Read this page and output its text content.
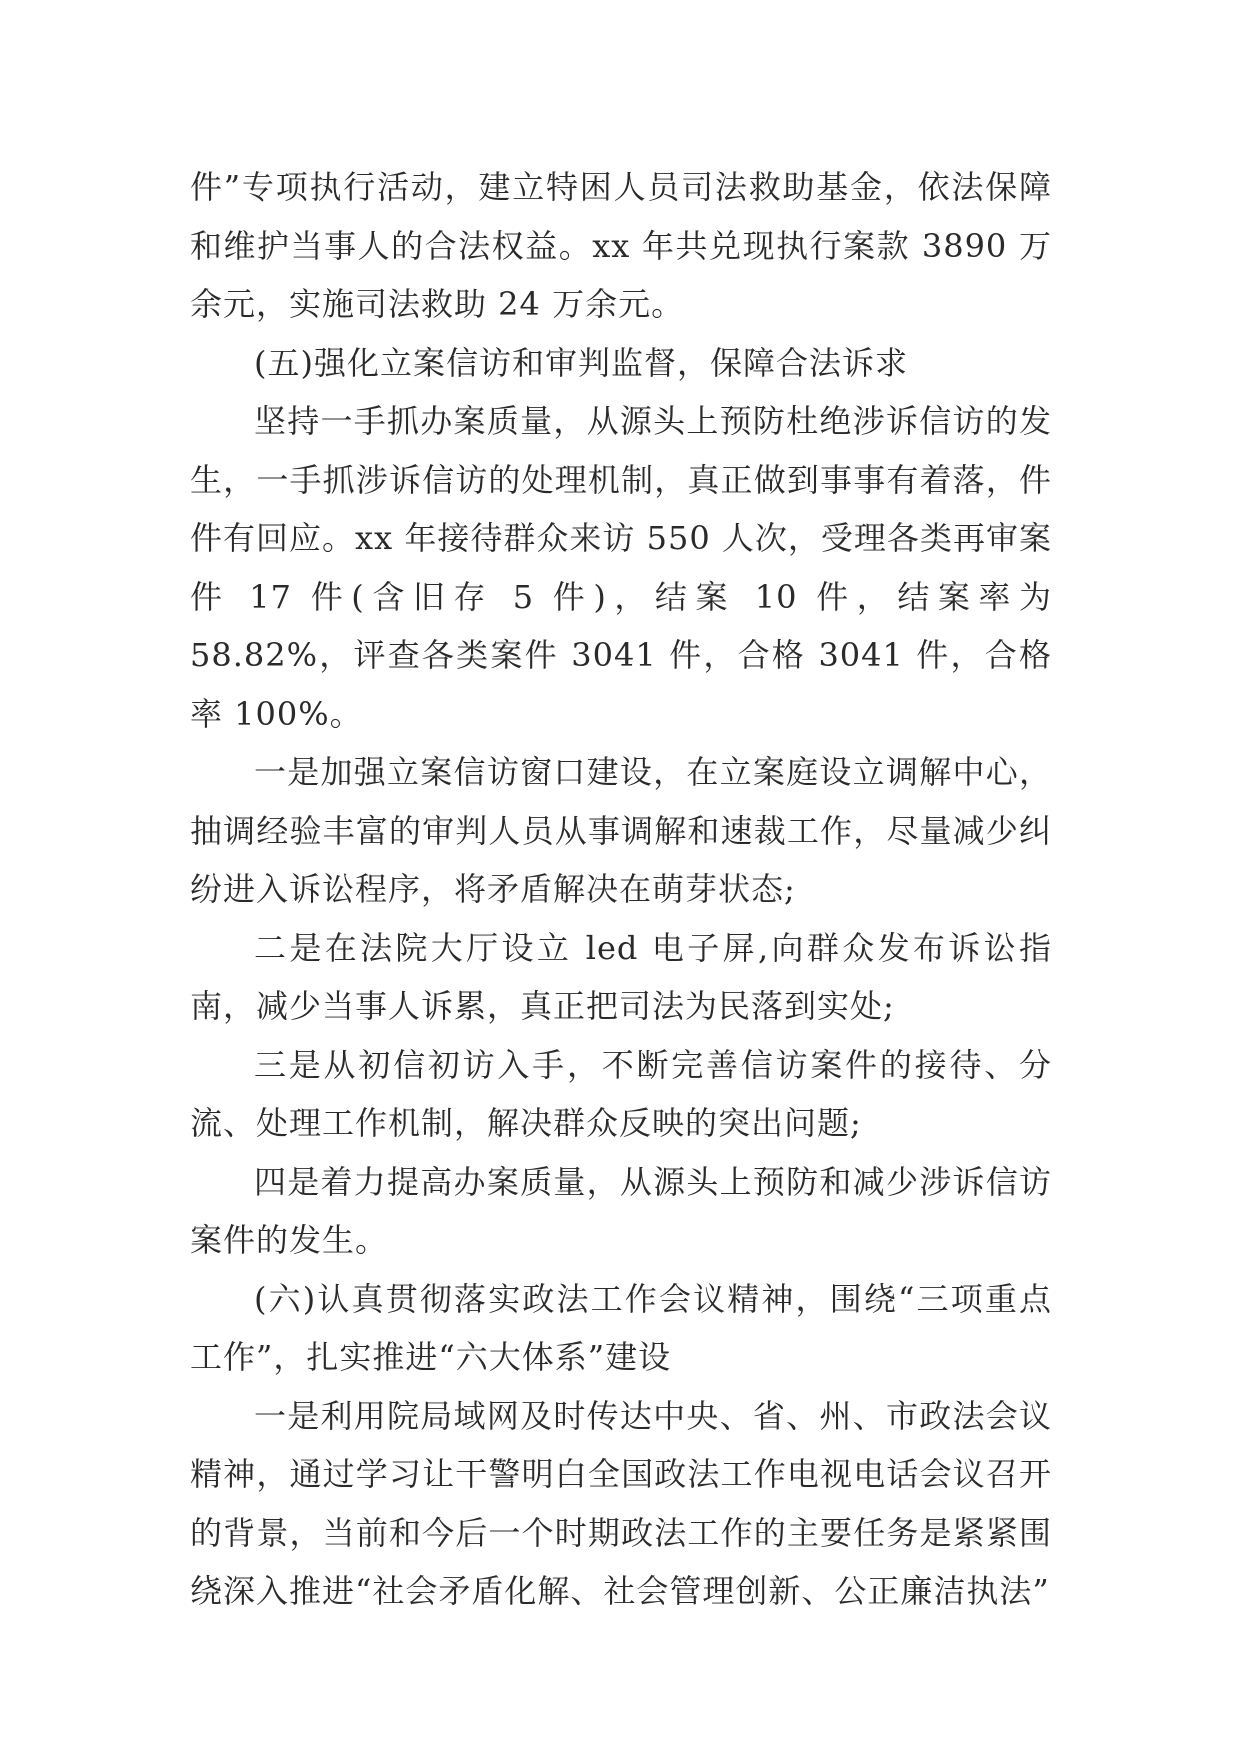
件”专项执行活动，建立特困人员司法救助基金，依法保障和维护当事人的合法权益。xx 年共兑现执行案款 3890 万余元，实施司法救助 24 万余元。

(五)强化立案信访和审判监督，保障合法诉求

坚持一手抓办案质量，从源头上预防杜绝涉诉信访的发生，一手抓涉诉信访的处理机制，真正做到事事有着落，件件有回应。xx 年接待群众来访 550 人次，受理各类再审案件 17 件(含旧存 5 件)，结案 10 件，结案率为 58.82%，评查各类案件 3041 件，合格 3041 件，合格率 100%。

一是加强立案信访窗口建设，在立案庭设立调解中心，抽调经验丰富的审判人员从事调解和速裁工作，尽量减少纠纷进入诉讼程序，将矛盾解决在萌芽状态;

二是在法院大厅设立 led 电子屏,向群众发布诉讼指南，减少当事人诉累，真正把司法为民落到实处;

三是从初信初访入手，不断完善信访案件的接待、分流、处理工作机制，解决群众反映的突出问题;

四是着力提高办案质量，从源头上预防和减少涉诉信访案件的发生。

(六)认真贯彻落实政法工作会议精神，围绕“三项重点工作”，扎实推进“六大体系”建设

一是利用院局域网及时传达中央、省、州、市政法会议精神，通过学习让干警明白全国政法工作电视电话会议召开的背景，当前和今后一个时期政法工作的主要任务是紧紧围绕深入推进“社会矛盾化解、社会管理创新、公正廉洁执法”
